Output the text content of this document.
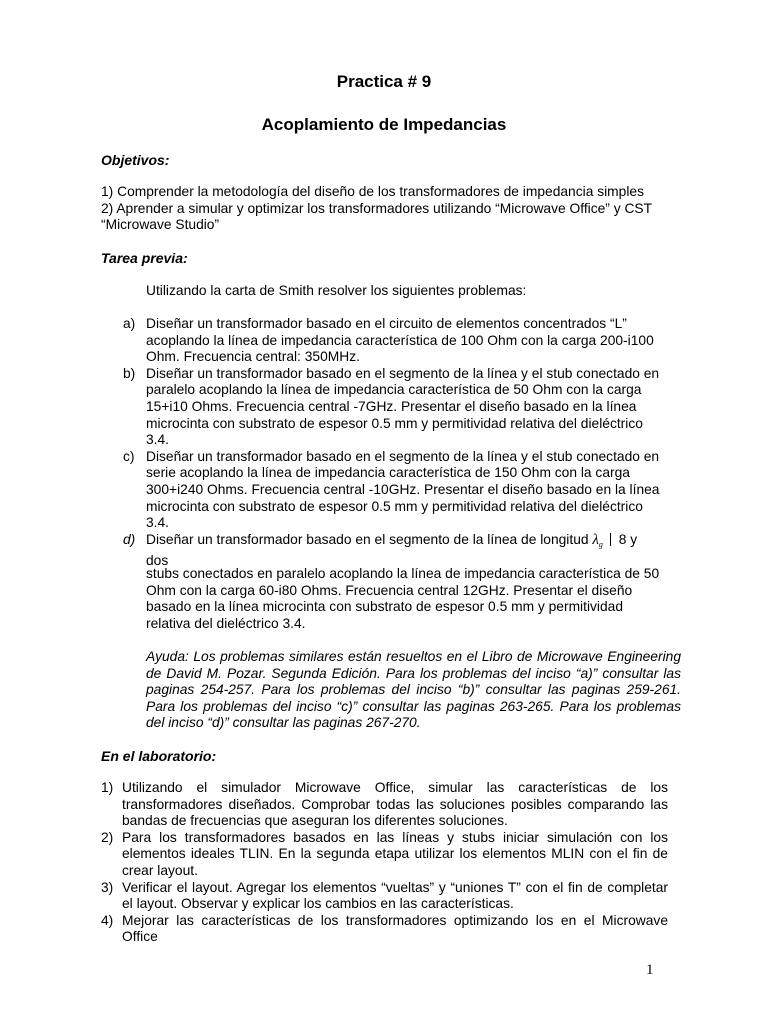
Practica # 9
Acoplamiento de Impedancias
Objetivos:
1) Comprender la metodología del diseño de los transformadores de impedancia simples
2) Aprender a simular y optimizar los transformadores utilizando “Microwave Office” y CST
“Microwave Studio”
Tarea previa:
Utilizando la carta de Smith resolver los siguientes problemas:
a) Diseñar un transformador basado en el circuito de elementos concentrados “L” acoplando la línea de impedancia característica de 100 Ohm con la carga 200-i100 Ohm. Frecuencia central: 350MHz.
b) Diseñar un transformador basado en el segmento de la línea y el stub conectado en paralelo acoplando la línea de impedancia característica de 50 Ohm con la carga 15+i10 Ohms. Frecuencia central -7GHz. Presentar el diseño basado en la línea microcinta con substrato de espesor 0.5 mm y permitividad relativa del dieléctrico 3.4.
c) Diseñar un transformador basado en el segmento de la línea y el stub conectado en serie acoplando la línea de impedancia característica de 150 Ohm con la carga 300+i240 Ohms. Frecuencia central -10GHz. Presentar el diseño basado en la línea microcinta con substrato de espesor 0.5 mm y permitividad relativa del dieléctrico 3.4.
d) Diseñar un transformador basado en el segmento de la línea de longitud $\lambda_g$ 8 y dos
stubs conectados en paralelo acoplando la línea de impedancia característica de 50 Ohm con la carga 60-i80 Ohms. Frecuencia central 12GHz. Presentar el diseño basado en la línea microcinta con substrato de espesor 0.5 mm y permitividad relativa del dieléctrico 3.4.
Ayuda: Los problemas similares están resueltos en el Libro de Microwave Engineering de David M. Pozar. Segunda Edición. Para los problemas del inciso “a)” consultar las paginas 254-257. Para los problemas del inciso “b)” consultar las paginas 259-261. Para los problemas del inciso “c)” consultar las paginas 263-265. Para los problemas del inciso “d)” consultar las paginas 267-270.
En el laboratorio:
1) Utilizando el simulador Microwave Office, simular las características de los transformadores diseñados. Comprobar todas las soluciones posibles comparando las bandas de frecuencias que aseguran los diferentes soluciones.
2) Para los transformadores basados en las líneas y stubs iniciar simulación con los elementos ideales TLIN. En la segunda etapa utilizar los elementos MLIN con el fin de crear layout.
3) Verificar el layout. Agregar los elementos “vueltas” y “uniones T” con el fin de completar el layout. Observar y explicar los cambios en las características.
4) Mejorar las características de los transformadores optimizando los en el Microwave Office
1
